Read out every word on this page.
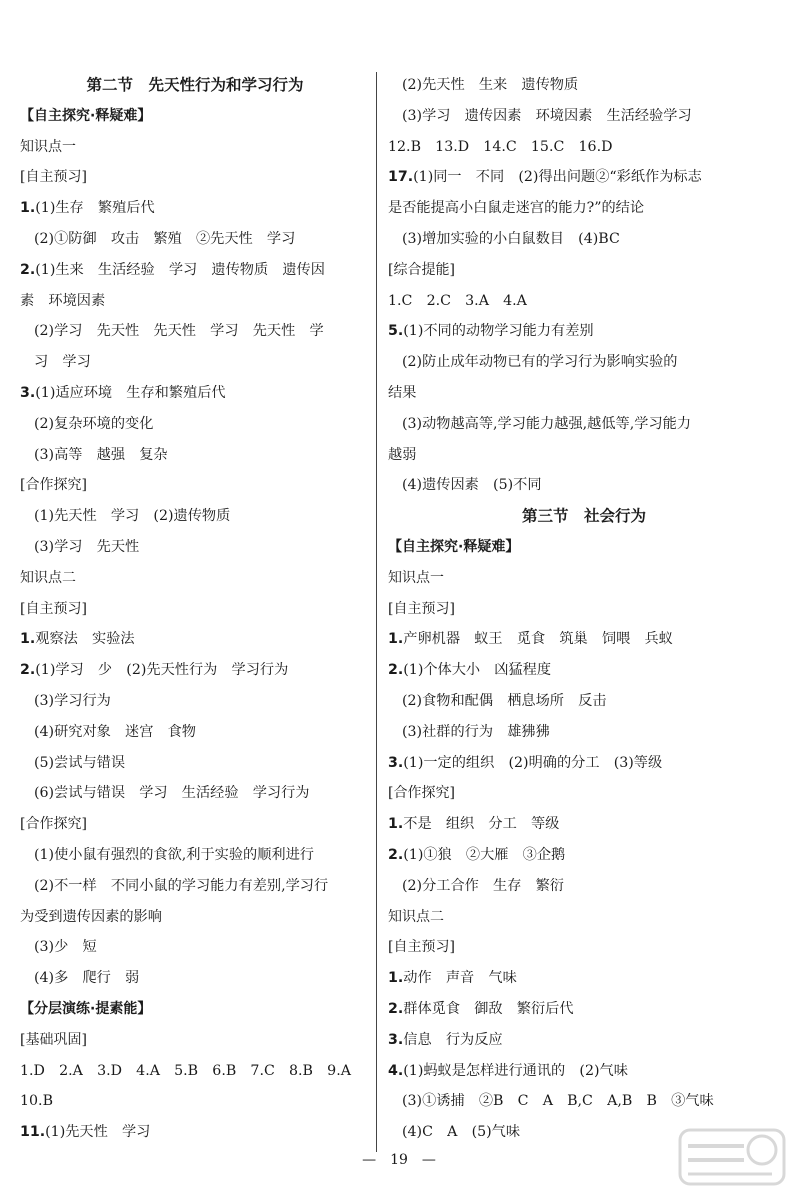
第二节　先天性行为和学习行为
【自主探究·释疑难】
知识点一
[自主预习]
1.(1)生存　繁殖后代
(2)①防御　攻击　繁殖　②先天性　学习
2.(1)生来　生活经验　学习　遗传物质　遗传因
素　环境因素
(2)学习　先天性　先天性　学习　先天性　学
习　学习
3.(1)适应环境　生存和繁殖后代
(2)复杂环境的变化
(3)高等　越强　复杂
[合作探究]
(1)先天性　学习　(2)遗传物质
(3)学习　先天性
知识点二
[自主预习]
1.观察法　实验法
2.(1)学习　少　(2)先天性行为　学习行为
(3)学习行为
(4)研究对象　迷宫　食物
(5)尝试与错误
(6)尝试与错误　学习　生活经验　学习行为
[合作探究]
(1)使小鼠有强烈的食欲,利于实验的顺利进行
(2)不一样　不同小鼠的学习能力有差别,学习行
为受到遗传因素的影响
(3)少　短
(4)多　爬行　弱
【分层演练·提素能】
[基础巩固]
1.D　2.A　3.D　4.A　5.B　6.B　7.C　8.B　9.A
10.B
11.(1)先天性　学习
(2)先天性　生来　遗传物质
(3)学习　遗传因素　环境因素　生活经验学习
12.B　13.D　14.C　15.C　16.D
17.(1)同一　不同　(2)得出问题②“彩纸作为标志
是否能提高小白鼠走迷宫的能力?”的结论
(3)增加实验的小白鼠数目　(4)BC
[综合提能]
1.C　2.C　3.A　4.A
5.(1)不同的动物学习能力有差别
(2)防止成年动物已有的学习行为影响实验的
结果
(3)动物越高等,学习能力越强,越低等,学习能力
越弱
(4)遗传因素　(5)不同
第三节　社会行为
【自主探究·释疑难】
知识点一
[自主预习]
1.产卵机器　蚁王　觅食　筑巢　饲喂　兵蚁
2.(1)个体大小　凶猛程度
(2)食物和配偶　栖息场所　反击
(3)社群的行为　雄狒狒
3.(1)一定的组织　(2)明确的分工　(3)等级
[合作探究]
1.不是　组织　分工　等级
2.(1)①狼　②大雁　③企鹅
(2)分工合作　生存　繁衍
知识点二
[自主预习]
1.动作　声音　气味
2.群体觅食　御敌　繁衍后代
3.信息　行为反应
4.(1)蚂蚁是怎样进行通讯的　(2)气味
(3)①诱捕　②B　C　A　B,C　A,B　B　③气味
(4)C　A　(5)气味
—　19　—
